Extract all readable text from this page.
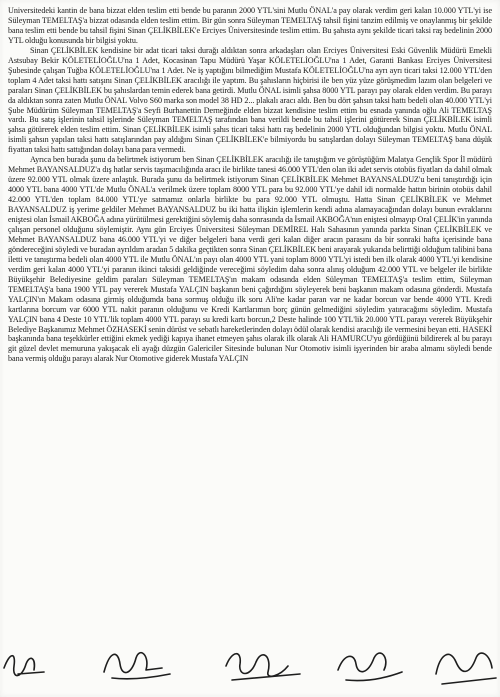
Universitedeki kantin de bana bizzat elden teslim etti bende bu paranın 2000 YTL'sini Mutlu ÖNAL'a pay olarak verdim geri kalan 10.000 YTL'yi ise Süleyman TEMELTAŞ'a bizzat odasında elden teslim ettim. Bir gün sonra Süleyman TEMELTAŞ tahsil fişini tanzim edilmiş ve onaylanmış bir şekilde bana teslim etti bende bu tahsil fişini Sinan ÇELİKBİLEK'e Erciyes Üniversitesinde teslim ettim. Bu şahısta aynı şekilde ticari taksi raş bedelinin 2000 YTL olduğu konusunda bir bilgisi yoktu.

Sinan ÇELİKBİLEK kendisine bir adat ticari taksi durağı aldıktan sonra arkadaşları olan Erciyes Üniversitesi Eski Güvenlik Müdürü Emekli Astsubay Bekir KÖLETELİOĞLU'na 1 Adet, Kocasinan Tapu Müdürü Yaşar KÖLETELİOĞLU'na 1 Adet, Garanti Bankası Erciyes Üniversitesi Şubesinde çalışan Tuğba KÖLETELİOĞLU'na 1 Adet. Ne iş yaptığını bilmediğim Mustafa KÖLETELİOĞLU'na ayrı ayrı ticari taksi 12.000 YTL'den toplam 4 Adet taksi hattı satışını Sinan ÇELİKBİLEK aracılığı ile yaptım. Bu şahısların hiçbirisi ile ben yüz yüze görüşmedim lazım olan belgeleri ve paraları Sinan ÇELİKBİLEK bu şahıslardan temin ederek bana getirdi. Mutlu ÖNAL isimli şahsa 8000 YTL parayı pay olarak elden verdim. Bu parayı da aldıktan sonra zaten Mutlu ÖNAL Volvo S60 marka son model 38 HD 2... plakalı aracı aldı. Ben bu dört şahsın taksi hattı bedeli olan 40.000 YTL'yi Şube Müdürüm Süleyman TEMELTAŞ'a Seyfi Burhanettin Derneğinde elden bizzat kendisine teslim ettim bu esnada yanında oğlu Ali TEMELTAŞ vardı. Bu satış işlerinin tahsil işlerinde Süleyman TEMELTAŞ tarafından bana verildi bende bu tahsil işlerini götürerek Sinan ÇELİKBİLEK isimli şahsa götürerek elden teslim ettim. Sinan ÇELİKBİLEK isimli şahıs ticari taksi hattı raş bedelinin 2000 YTL olduğundan bilgisi yoktu. Mutlu ÖNAL isimli şahsın yapılan taksi hattı satışlarından pay aldığını Sinan ÇELİKBİLEK'e bilmiyordu bu satışlardan dolayı Süleyman TEMELTAŞ bana düşük fiyattan taksi hattı sattığından dolayı bana para vermedi.

Ayrıca ben burada şunu da belirtmek istiyorum ben Sinan ÇELİKBİLEK aracılığı ile tanıştığım ve görüştüğüm Malatya Gençlik Spor İl müdürü Mehmet BAYANSALDUZ'a dış hatlar servis taşımacılığında aracı ile birlikte tanesi 46.000 YTL'den olan iki adet servis otobüs fiyatları da dahil olmak üzere 92.000 YTL olmak üzere anlaştık. Burada şunu da belirtmek istiyorum Sinan ÇELİKBİLEK Mehmet BAYANSALDUZ'u beni tanıştırdığı için 4000 YTL bana 4000 YTL'de Mutlu ÖNAL'a verilmek üzere toplam 8000 YTL para bu 92.000 YTL'ye dahil idi normalde hattın birinin otobüs dahil 42.000 YTL'den toplam 84.000 YTL'ye satmamız onlarla birlikte bu para 92.000 YTL olmuştu. Hatta Sinan ÇELİKBİLEK ve Mehmet BAYANSALDUZ iş yerime geldiler Mehmet BAYANSALDUZ bu iki hatta ilişkin işlemlerin kendi adına alamayacağından dolayı bunun evraklarını eniştesi olan İsmail AKBOĞA adına yürütülmesi gerektiğini söylemiş daha sonrasında da İsmail AKBOĞA'nın eniştesi olmayıp Oral ÇELİK'in yanında çalışan personel olduğunu söylemiştir. Aynı gün Erciyes Üniversitesi Süleyman DEMİREL Halı Sahasının yanında parkta Sinan ÇELİKBİLEK ve Mehmet BAYANSALDUZ bana 46.000 YTL'yi ve diğer belgeleri bana verdi geri kalan diğer aracın parasını da bir sonraki hafta içerisinde bana göndereceğini söyledi ve buradan ayrıldım aradan 5 dakika geçtikten sonra Sinan ÇELİKBİLEK beni arayarak yukarıda belirttiği olduğum talibini bana iletti ve tanıştırma bedeli olan 4000 YTL ile Mutlu ÖNAL'ın payı olan 4000 YTL yani toplam 8000 YTL'yi istedi ben ilk olarak 4000 YTL'yi kendisine verdim geri kalan 4000 YTL'yi paranın ikinci taksidi geldiğinde vereceğimi söyledim daha sonra alınış olduğum 42.000 YTL ve belgeler ile birlikte Büyükşehir Belediyesine geldim paraları Süleyman TEMELTAŞ'ın makam odasında elden Süleyman TEMELTAŞ'a teslim ettim, Süleyman TEMELTAŞ'a bana 1900 YTL pay vererek Mustafa YALÇIN başkanın beni çağırdığını söyleyerek beni başkanın makam odasına gönderdi. Mustafa YALÇIN'ın Makam odasına girmiş olduğumda bana sormuş olduğu ilk soru Ali'ne kadar paran var ne kadar borcun var bende 4000 YTL Kredi kartlarına borcum var 6000 YTL nakit paranın olduğunu ve Kredi Kartlarımın borç günün gelmediğini söyledim yatıracağımı söyledim. Mustafa YALÇIN bana 4 Deste 10 YTL'lik toplam 4000 YTL parayı su kredi kartı borcun,2 Deste halinde 100 YTL'lik 20.000 YTL parayı vererek Büyükşehir Belediye Başkanımız Mehmet ÖZHASEKİ senin dürüst ve sebatlı hareketlerinden dolayı ödül olarak kendisi aracılığı ile vermesini beyan etti. HASEKİ başkanında bana teşekkürler ettiğini ekmek yediği kapıya ihanet etmeyen şahıs olarak ilk olarak Ali HAMURCU'yu gördüğünü bildirerek al bu parayı git güzel devlet memuruna yakışacak eli ayağı düzgün Galericiler Sitesinde bulunan Nur Otomotiv isimli işyerinden bir araba almamı söyledi bende bana vermiş olduğu parayı alarak Nur Otomotive giderek Mustafa YALÇIN
